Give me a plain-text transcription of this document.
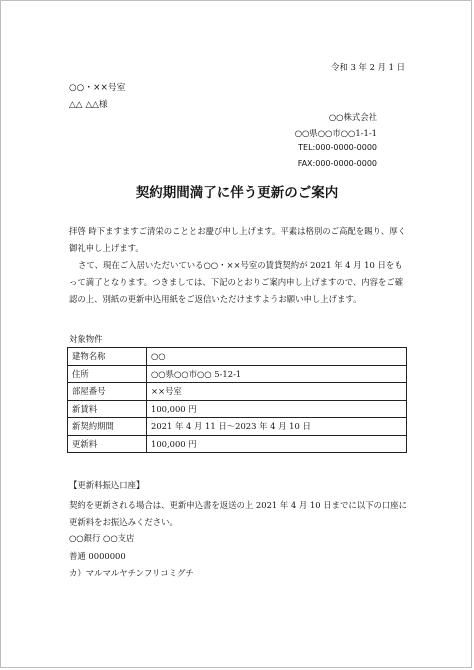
令和 3 年 2 月 1 日
○○・××号室
△△ △△様
○○株式会社
○○県○○市○○1-1-1
TEL:000-0000-0000
FAX:000-0000-0000
契約期間満了に伴う更新のご案内
拝啓 時下ますますご清栄のこととお慶び申し上げます。平素は格別のご高配を賜り、厚く御礼申し上げます。
さて、現在ご入居いただいている○○・××号室の賃貸契約が 2021 年 4 月 10 日をもって満了となります。つきましては、下記のとおりご案内申し上げますので、内容をご確認の上、別紙の更新申込用紙をご返信いただけますようお願い申し上げます。
対象物件
建物名称	○○
住所	○○県○○市○○ 5-12-1
部屋番号	××号室
新賃料	100,000 円
新契約期間	2021 年 4 月 11 日～2023 年 4 月 10 日
更新料	100,000 円
【更新料振込口座】
契約を更新される場合は、更新申込書を返送の上 2021 年 4 月 10 日までに以下の口座に更新料をお振込みください。
○○銀行 ○○支店
普通 0000000
カ）マルマルヤチンフリコミグチ
